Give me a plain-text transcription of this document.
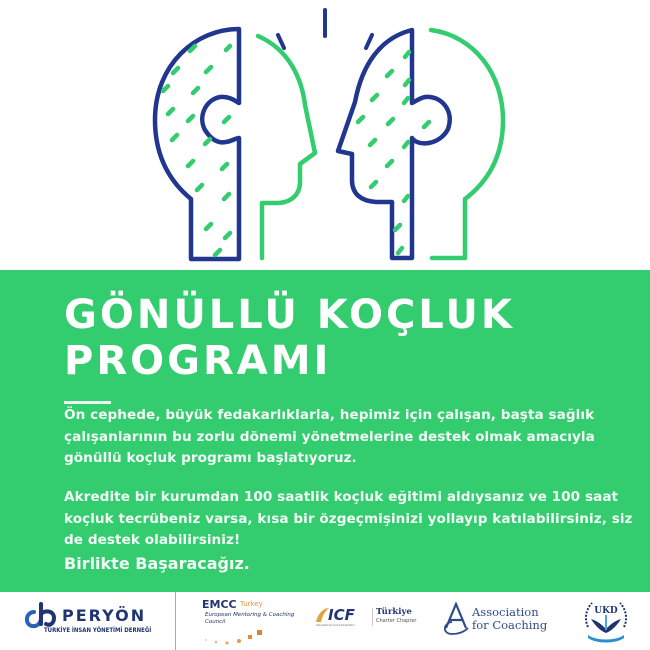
GÖNÜLLÜ KOÇLUK
PROGRAMI

Ön cephede, büyük fedakarlıklarla, hepimiz için çalışan, başta sağlık çalışanlarının bu zorlu dönemi yönetmelerine destek olmak amacıyla gönüllü koçluk programı başlatıyoruz.

Akredite bir kurumdan 100 saatlik koçluk eğitimi aldıysanız ve 100 saat koçluk tecrübeniz varsa, kısa bir özgeçmişinizi yollayıp katılabilirsiniz, siz de destek olabilirsiniz!

Birlikte Başaracağız.

PERYÖN
TÜRKİYE İNSAN YÖNETİMİ DERNEĞİ
EMCC Turkey
European Mentoring & Coaching Council	ICF
International Coach Federation
Türkiye
Charter Chapter
Association
for Coaching
UKD
